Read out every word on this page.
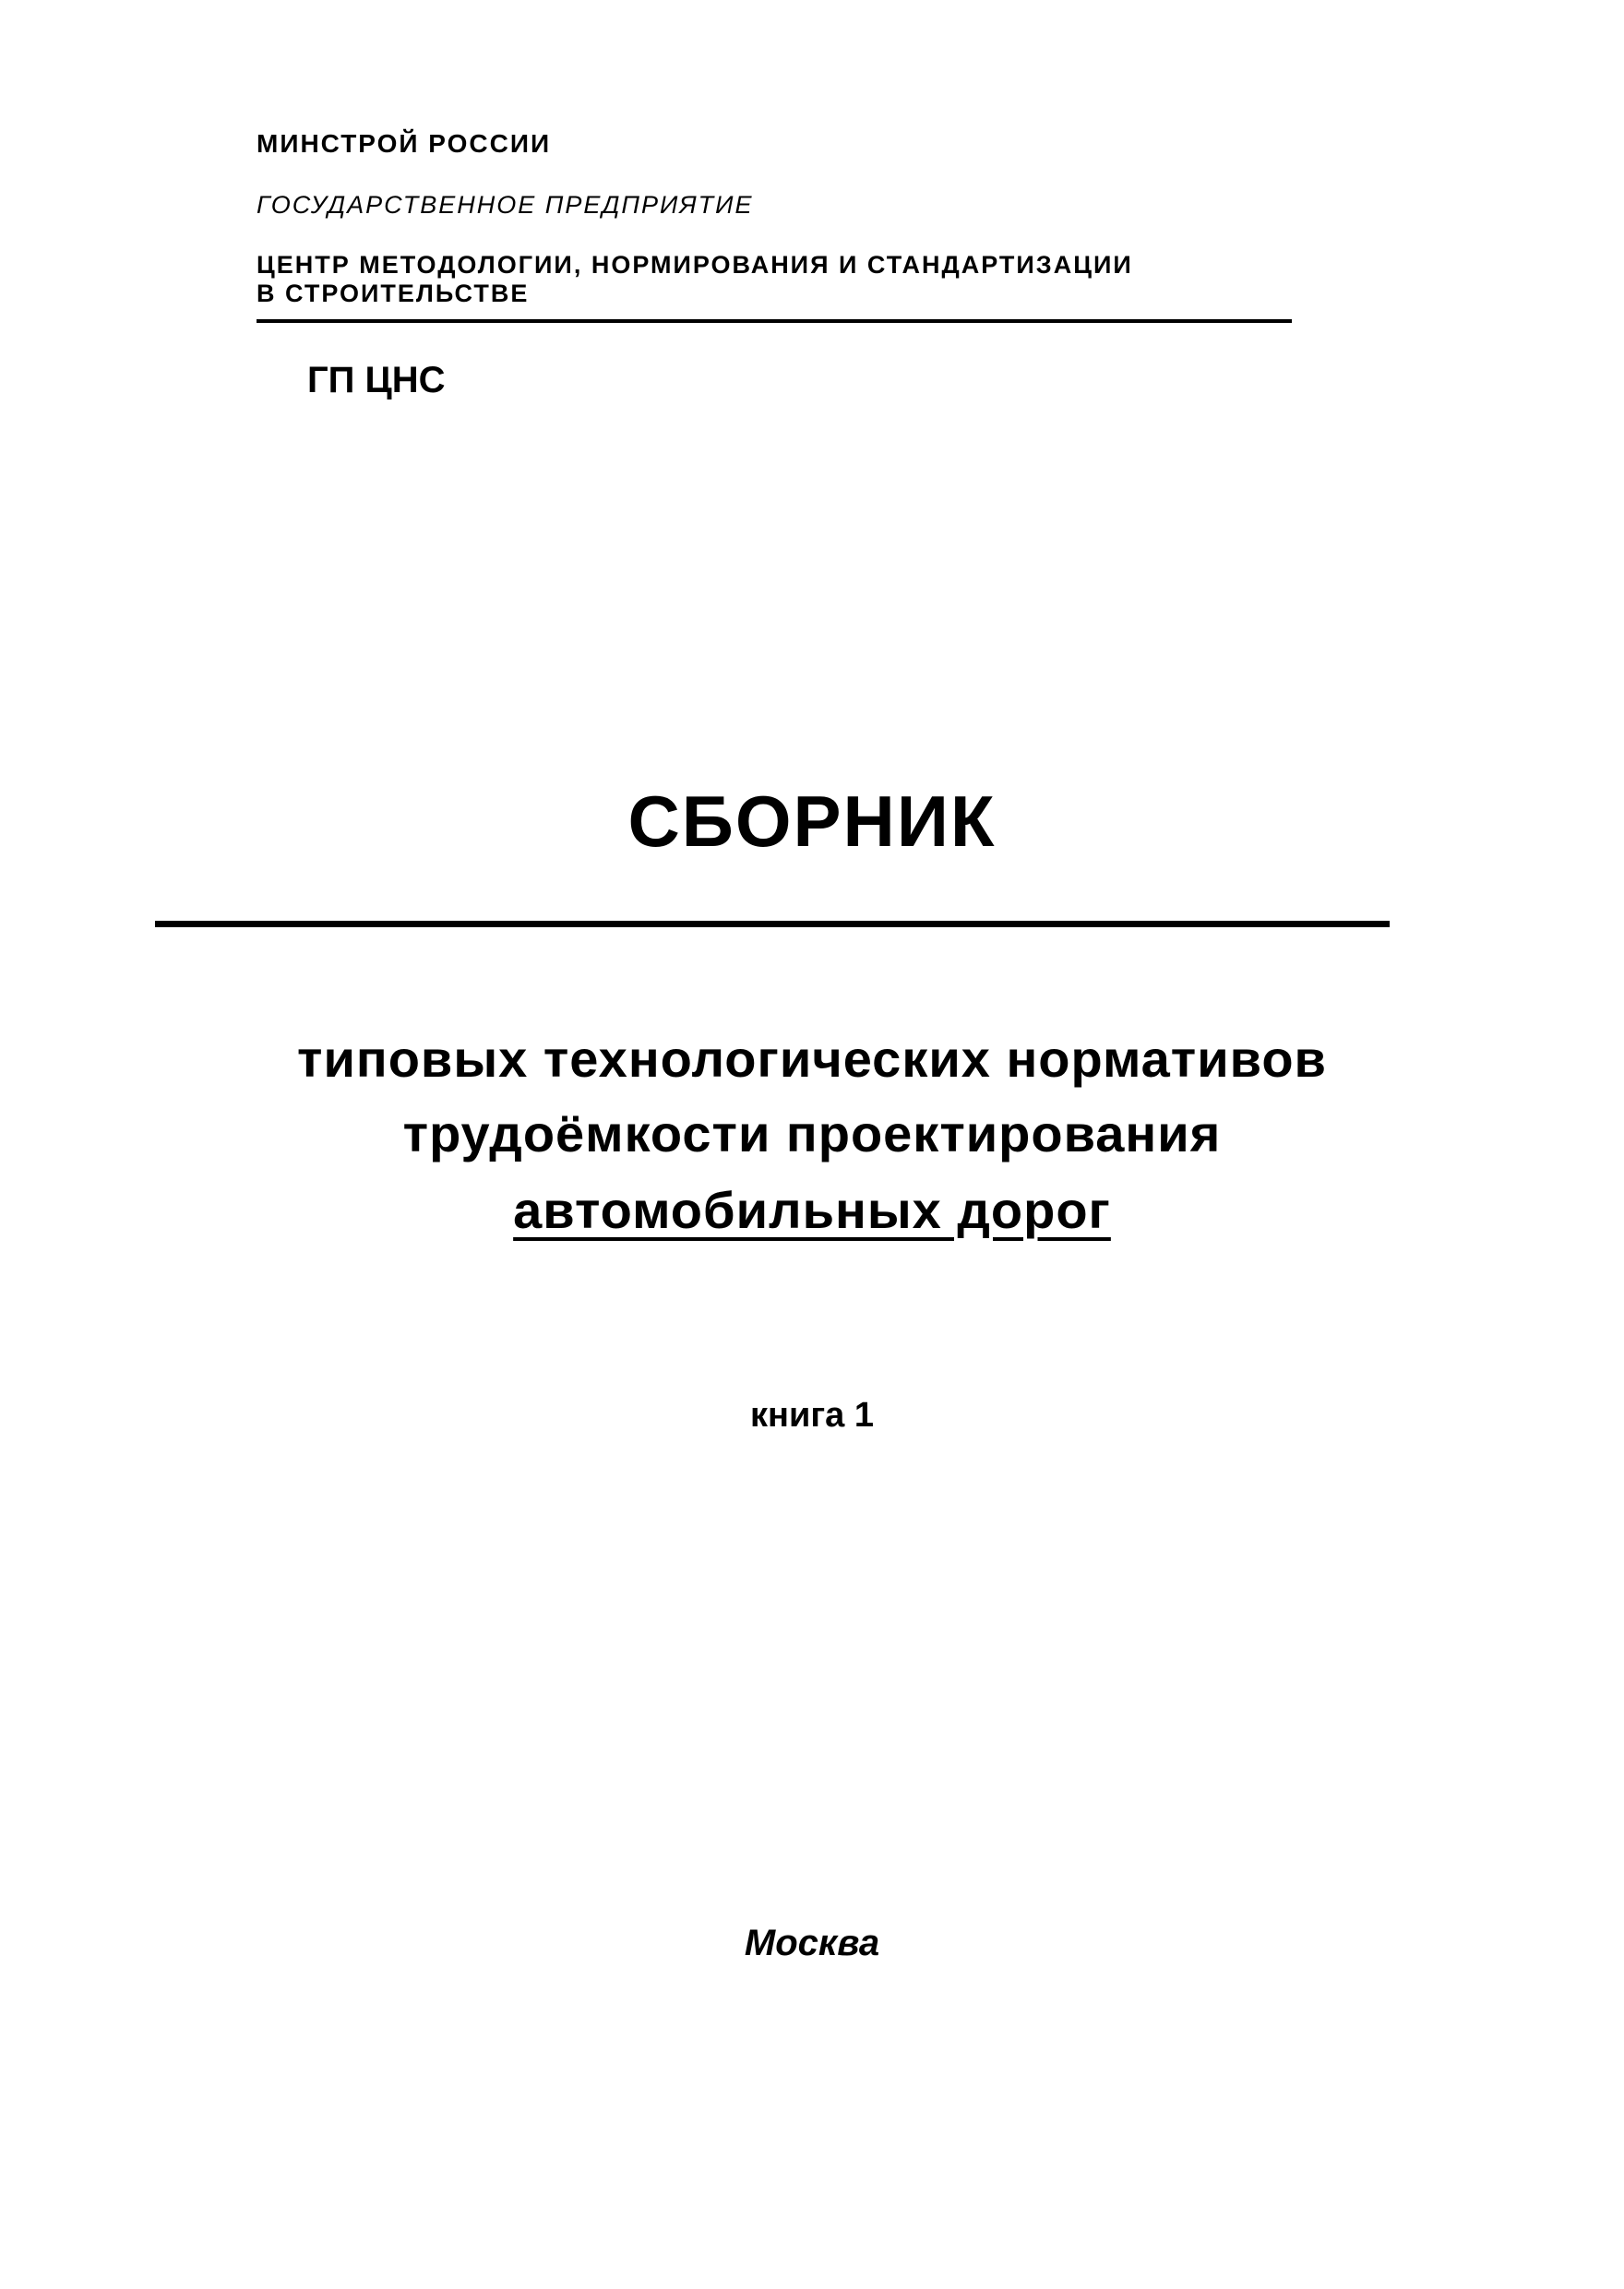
МИНСТРОЙ РОССИИ
ГОСУДАРСТВЕННОЕ ПРЕДПРИЯТИЕ
ЦЕНТР МЕТОДОЛОГИИ, НОРМИРОВАНИЯ И СТАНДАРТИЗАЦИИ
В СТРОИТЕЛЬСТВЕ
ГП ЦНС
СБОРНИК
типовых технологических нормативов
трудоёмкости проектирования
автомобильных дорог
книга 1
Москва
